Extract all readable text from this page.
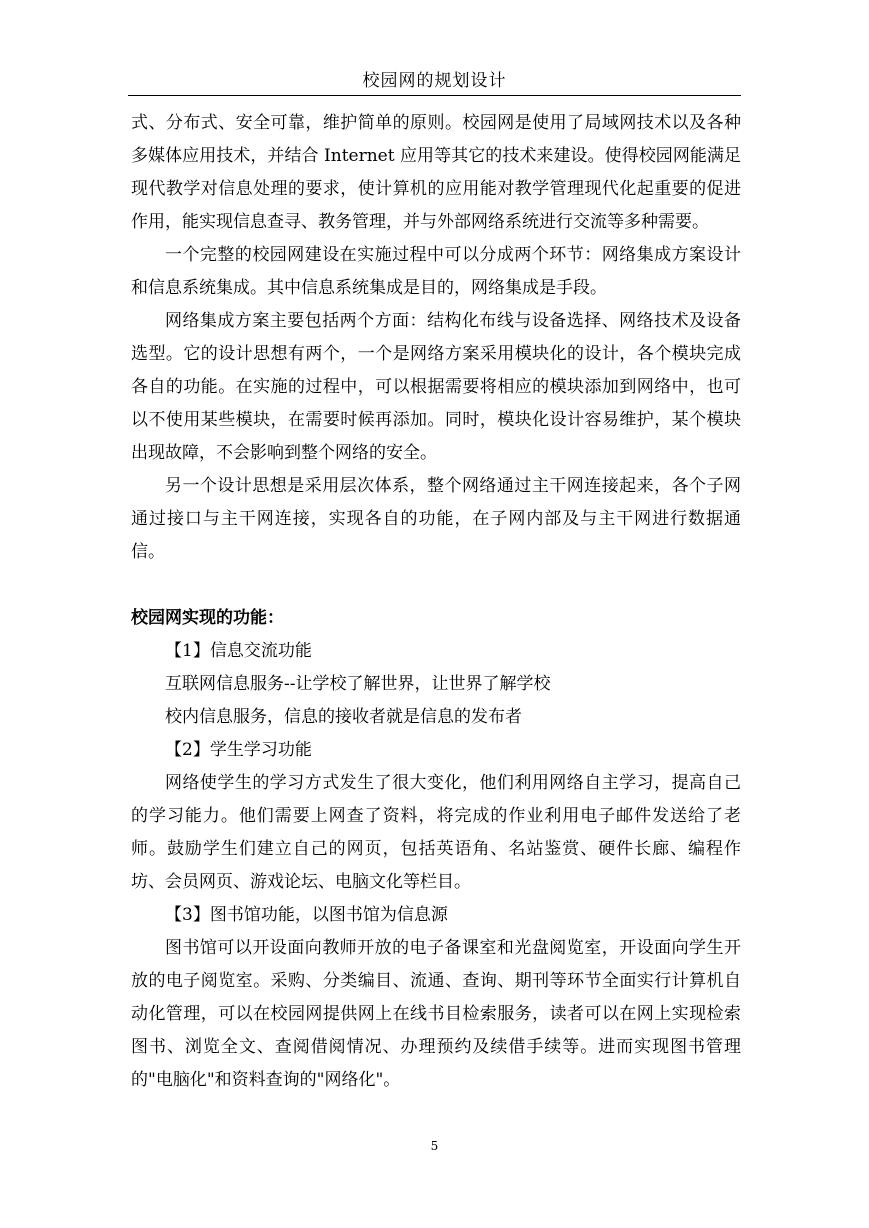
校园网的规划设计

式、分布式、安全可靠，维护简单的原则。校园网是使用了局域网技术以及各种多媒体应用技术，并结合 Internet 应用等其它的技术来建设。使得校园网能满足现代教学对信息处理的要求，使计算机的应用能对教学管理现代化起重要的促进作用，能实现信息查寻、教务管理，并与外部网络系统进行交流等多种需要。

一个完整的校园网建设在实施过程中可以分成两个环节：网络集成方案设计和信息系统集成。其中信息系统集成是目的，网络集成是手段。

网络集成方案主要包括两个方面：结构化布线与设备选择、网络技术及设备选型。它的设计思想有两个，一个是网络方案采用模块化的设计，各个模块完成各自的功能。在实施的过程中，可以根据需要将相应的模块添加到网络中，也可以不使用某些模块，在需要时候再添加。同时，模块化设计容易维护，某个模块出现故障，不会影响到整个网络的安全。

另一个设计思想是采用层次体系，整个网络通过主干网连接起来，各个子网通过接口与主干网连接，实现各自的功能，在子网内部及与主干网进行数据通信。

校园网实现的功能：

【1】信息交流功能

互联网信息服务--让学校了解世界，让世界了解学校

校内信息服务，信息的接收者就是信息的发布者

【2】学生学习功能

网络使学生的学习方式发生了很大变化，他们利用网络自主学习，提高自己的学习能力。他们需要上网查了资料，将完成的作业利用电子邮件发送给了老师。鼓励学生们建立自己的网页，包括英语角、名站鉴赏、硬件长廊、编程作坊、会员网页、游戏论坛、电脑文化等栏目。

【3】图书馆功能，以图书馆为信息源

图书馆可以开设面向教师开放的电子备课室和光盘阅览室，开设面向学生开放的电子阅览室。采购、分类编目、流通、查询、期刊等环节全面实行计算机自动化管理，可以在校园网提供网上在线书目检索服务，读者可以在网上实现检索图书、浏览全文、查阅借阅情况、办理预约及续借手续等。进而实现图书管理的"电脑化"和资料查询的"网络化"。

5
